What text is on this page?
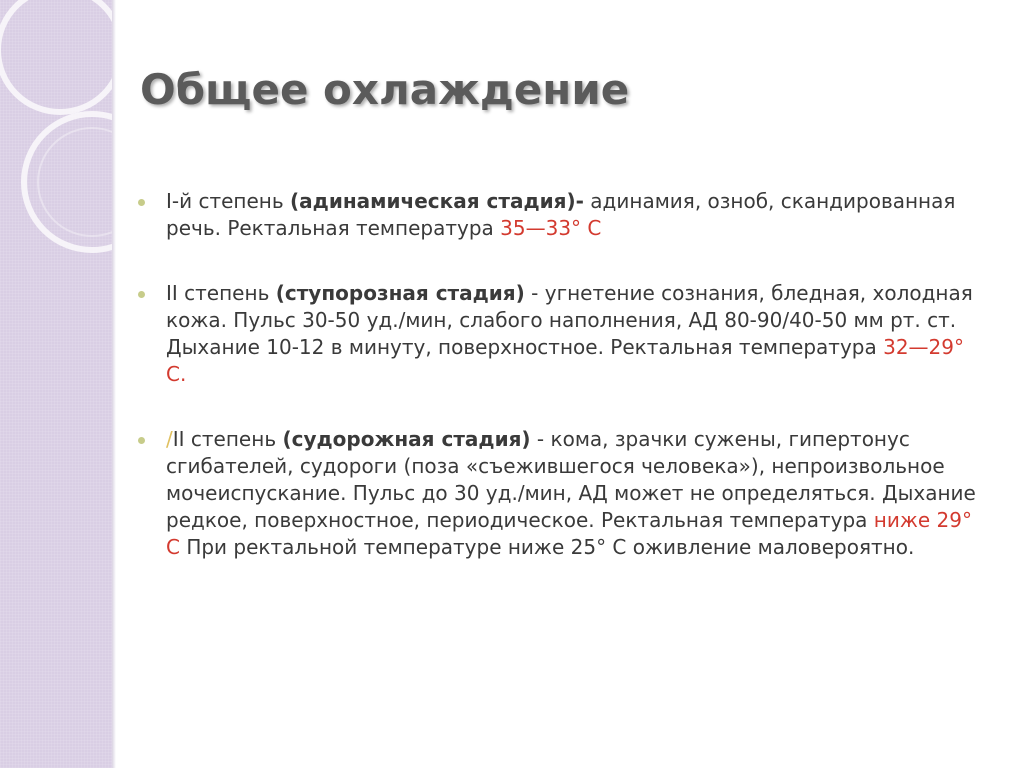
Общее охлаждение
I-й степень (адинамическая стадия)- адинамия, озноб, скандированная речь. Ректальная температура 35—33° С
II степень (ступорозная стадия) - угнетение сознания, бледная, холодная кожа. Пульс 30-50 уд./мин, слабого наполнения, АД 80-90/40-50 мм рт. ст. Дыхание 10-12 в минуту, поверхностное. Ректальная температура 32—29° С.
/II степень (судорожная стадия) - кома, зрачки сужены, гипертонус сгибателей, судороги (поза «съежившегося человека»), непроизвольное мочеиспускание. Пульс до 30 уд./мин, АД может не определяться. Дыхание редкое, поверхностное, периодическое. Ректальная температура ниже 29° С При ректальной температуре ниже 25° С оживление маловероятно.
